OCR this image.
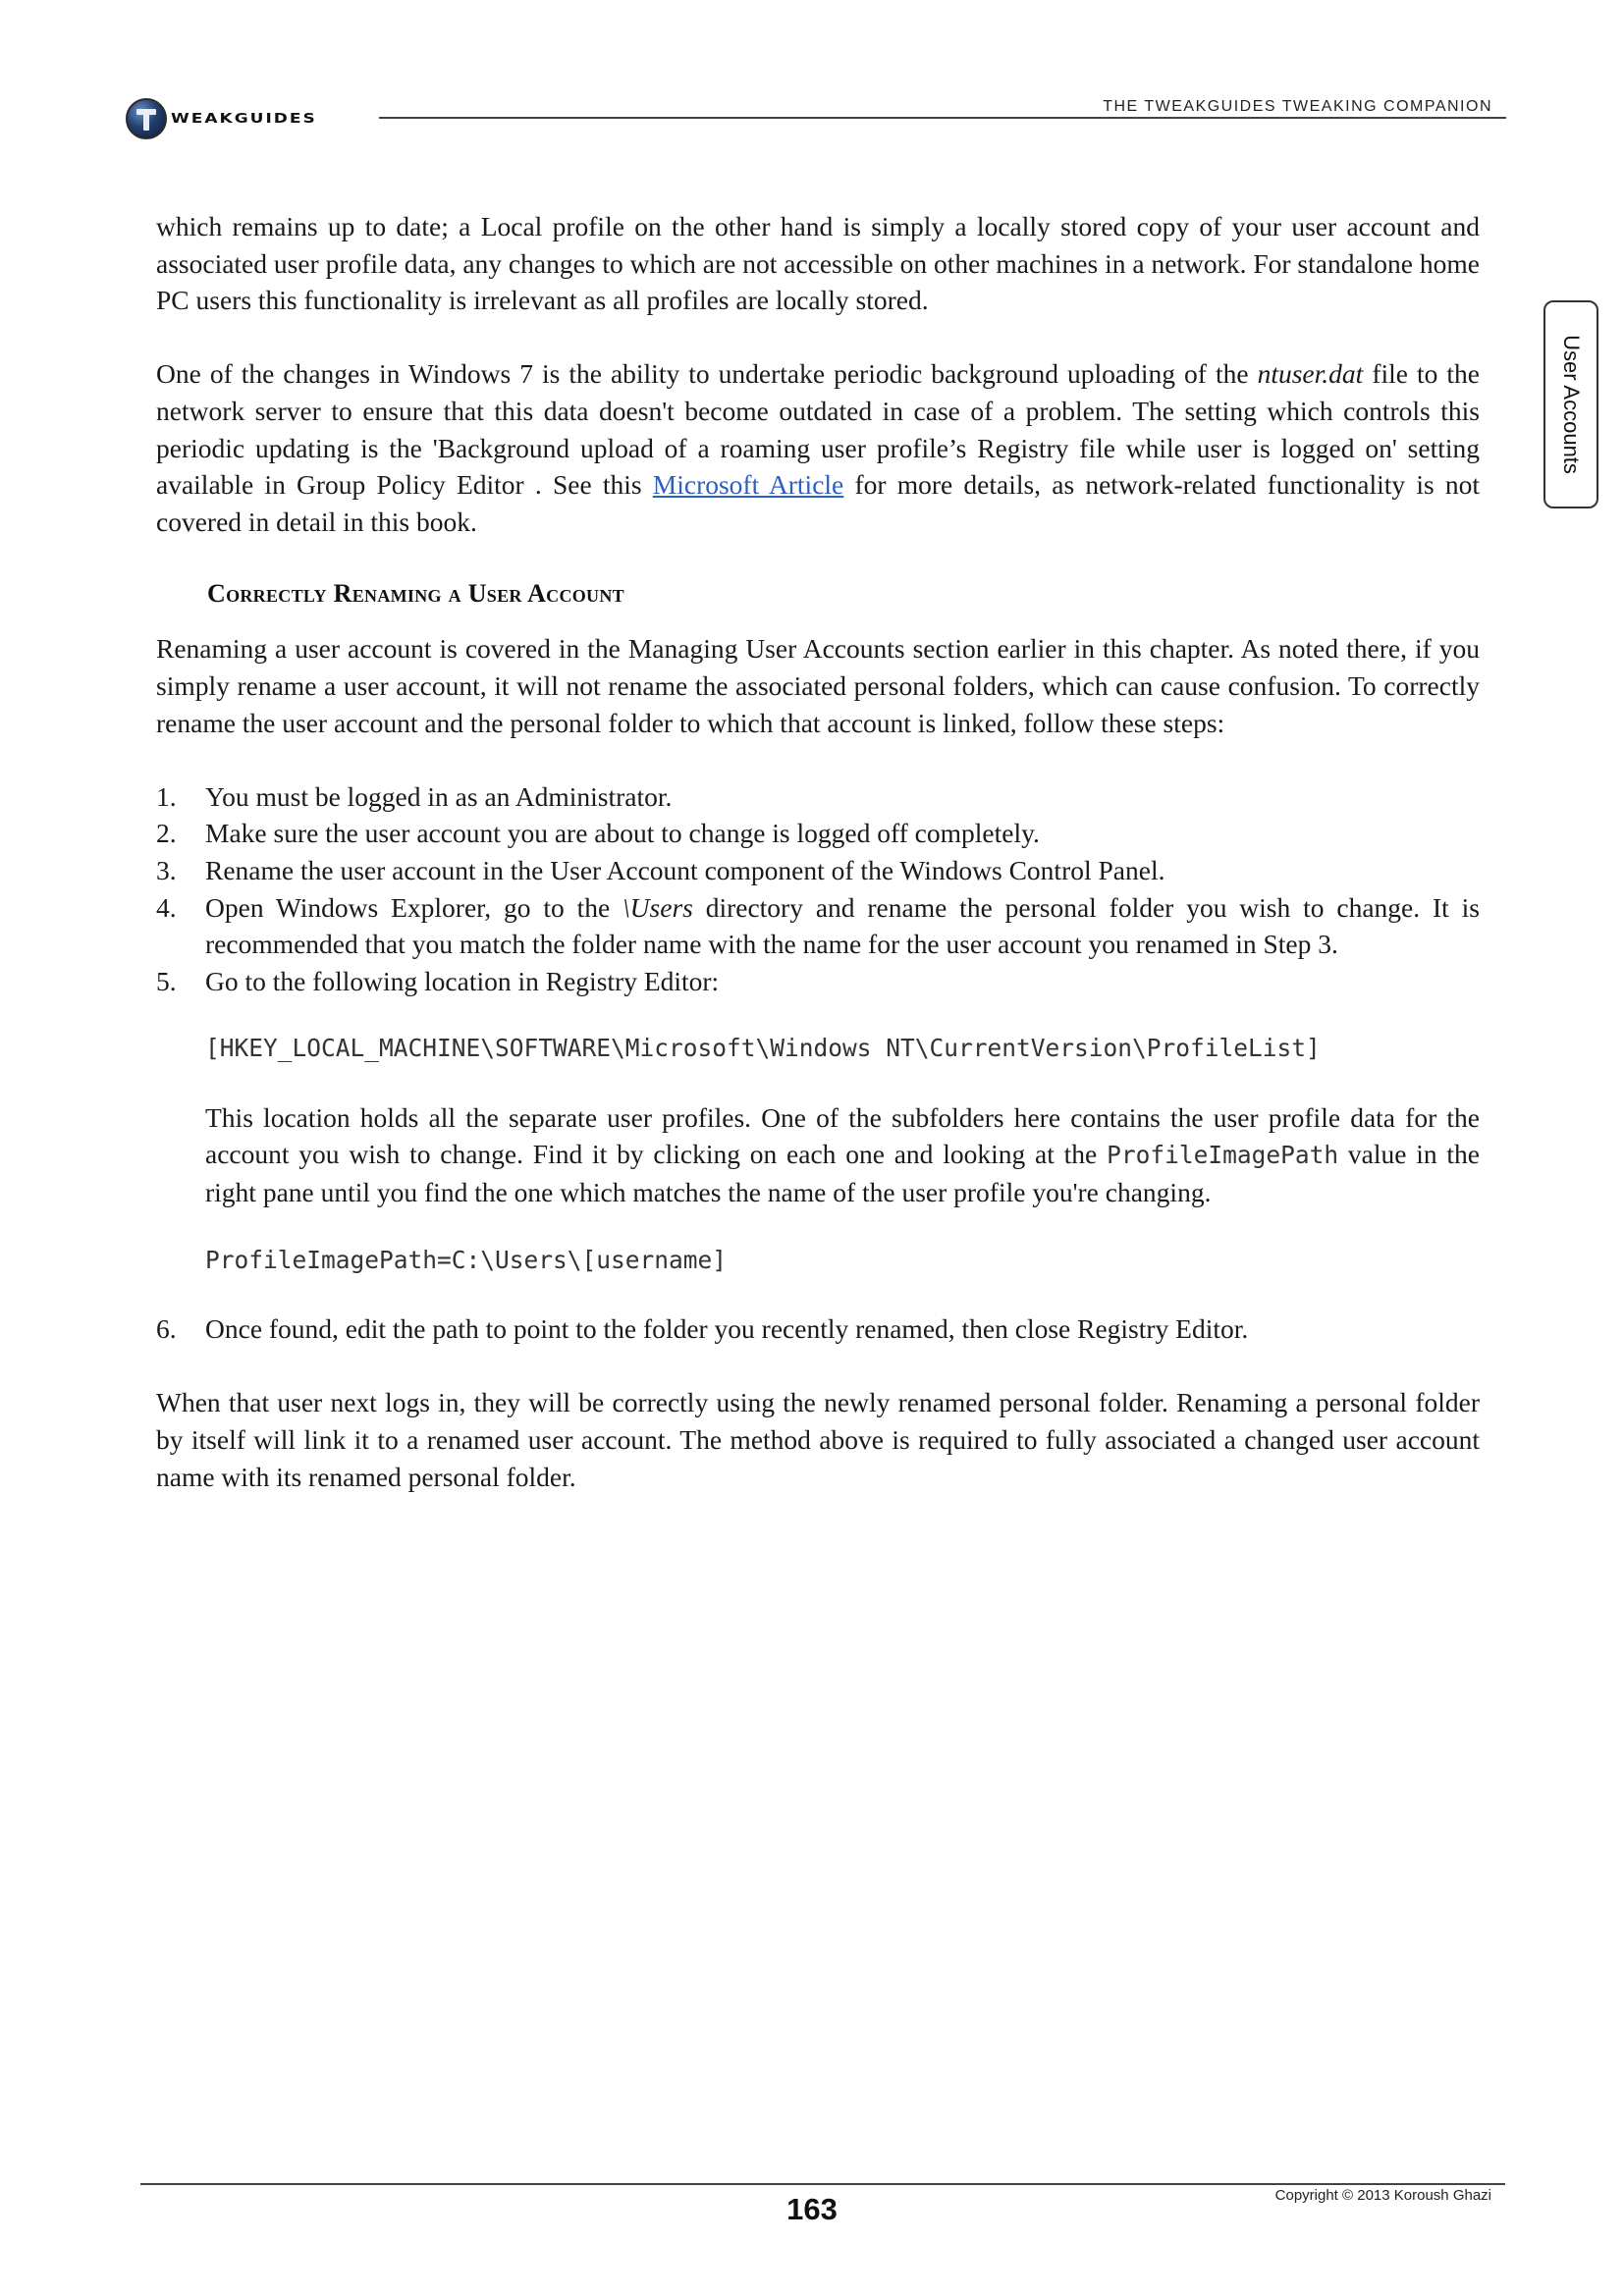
WEAKGUIDES
THE TWEAKGUIDES TWEAKING COMPANION
User Accounts

which remains up to date; a Local profile on the other hand is simply a locally stored copy of your user account and associated user profile data, any changes to which are not accessible on other machines in a network. For standalone home PC users this functionality is irrelevant as all profiles are locally stored.

One of the changes in Windows 7 is the ability to undertake periodic background uploading of the ntuser.dat file to the network server to ensure that this data doesn't become outdated in case of a problem. The setting which controls this periodic updating is the 'Background upload of a roaming user profile’s Registry file while user is logged on' setting available in Group Policy Editor . See this Microsoft Article for more details, as network-related functionality is not covered in detail in this book.

Correctly Renaming a User Account

Renaming a user account is covered in the Managing User Accounts section earlier in this chapter. As noted there, if you simply rename a user account, it will not rename the associated personal folders, which can cause confusion. To correctly rename the user account and the personal folder to which that account is linked, follow these steps:

1.	You must be logged in as an Administrator.
2.	Make sure the user account you are about to change is logged off completely.
3.	Rename the user account in the User Account component of the Windows Control Panel.
4.	Open Windows Explorer, go to the \Users directory and rename the personal folder you wish to change. It is recommended that you match the folder name with the name for the user account you renamed in Step 3.
5.	Go to the following location in Registry Editor:

[HKEY_LOCAL_MACHINE\SOFTWARE\Microsoft\Windows NT\CurrentVersion\ProfileList]

This location holds all the separate user profiles. One of the subfolders here contains the user profile data for the account you wish to change. Find it by clicking on each one and looking at the ProfileImagePath value in the right pane until you find the one which matches the name of the user profile you're changing.

ProfileImagePath=C:\Users\[username]

6.	Once found, edit the path to point to the folder you recently renamed, then close Registry Editor.

When that user next logs in, they will be correctly using the newly renamed personal folder. Renaming a personal folder by itself will link it to a renamed user account. The method above is required to fully associated a changed user account name with its renamed personal folder.

163	Copyright © 2013 Koroush Ghazi
